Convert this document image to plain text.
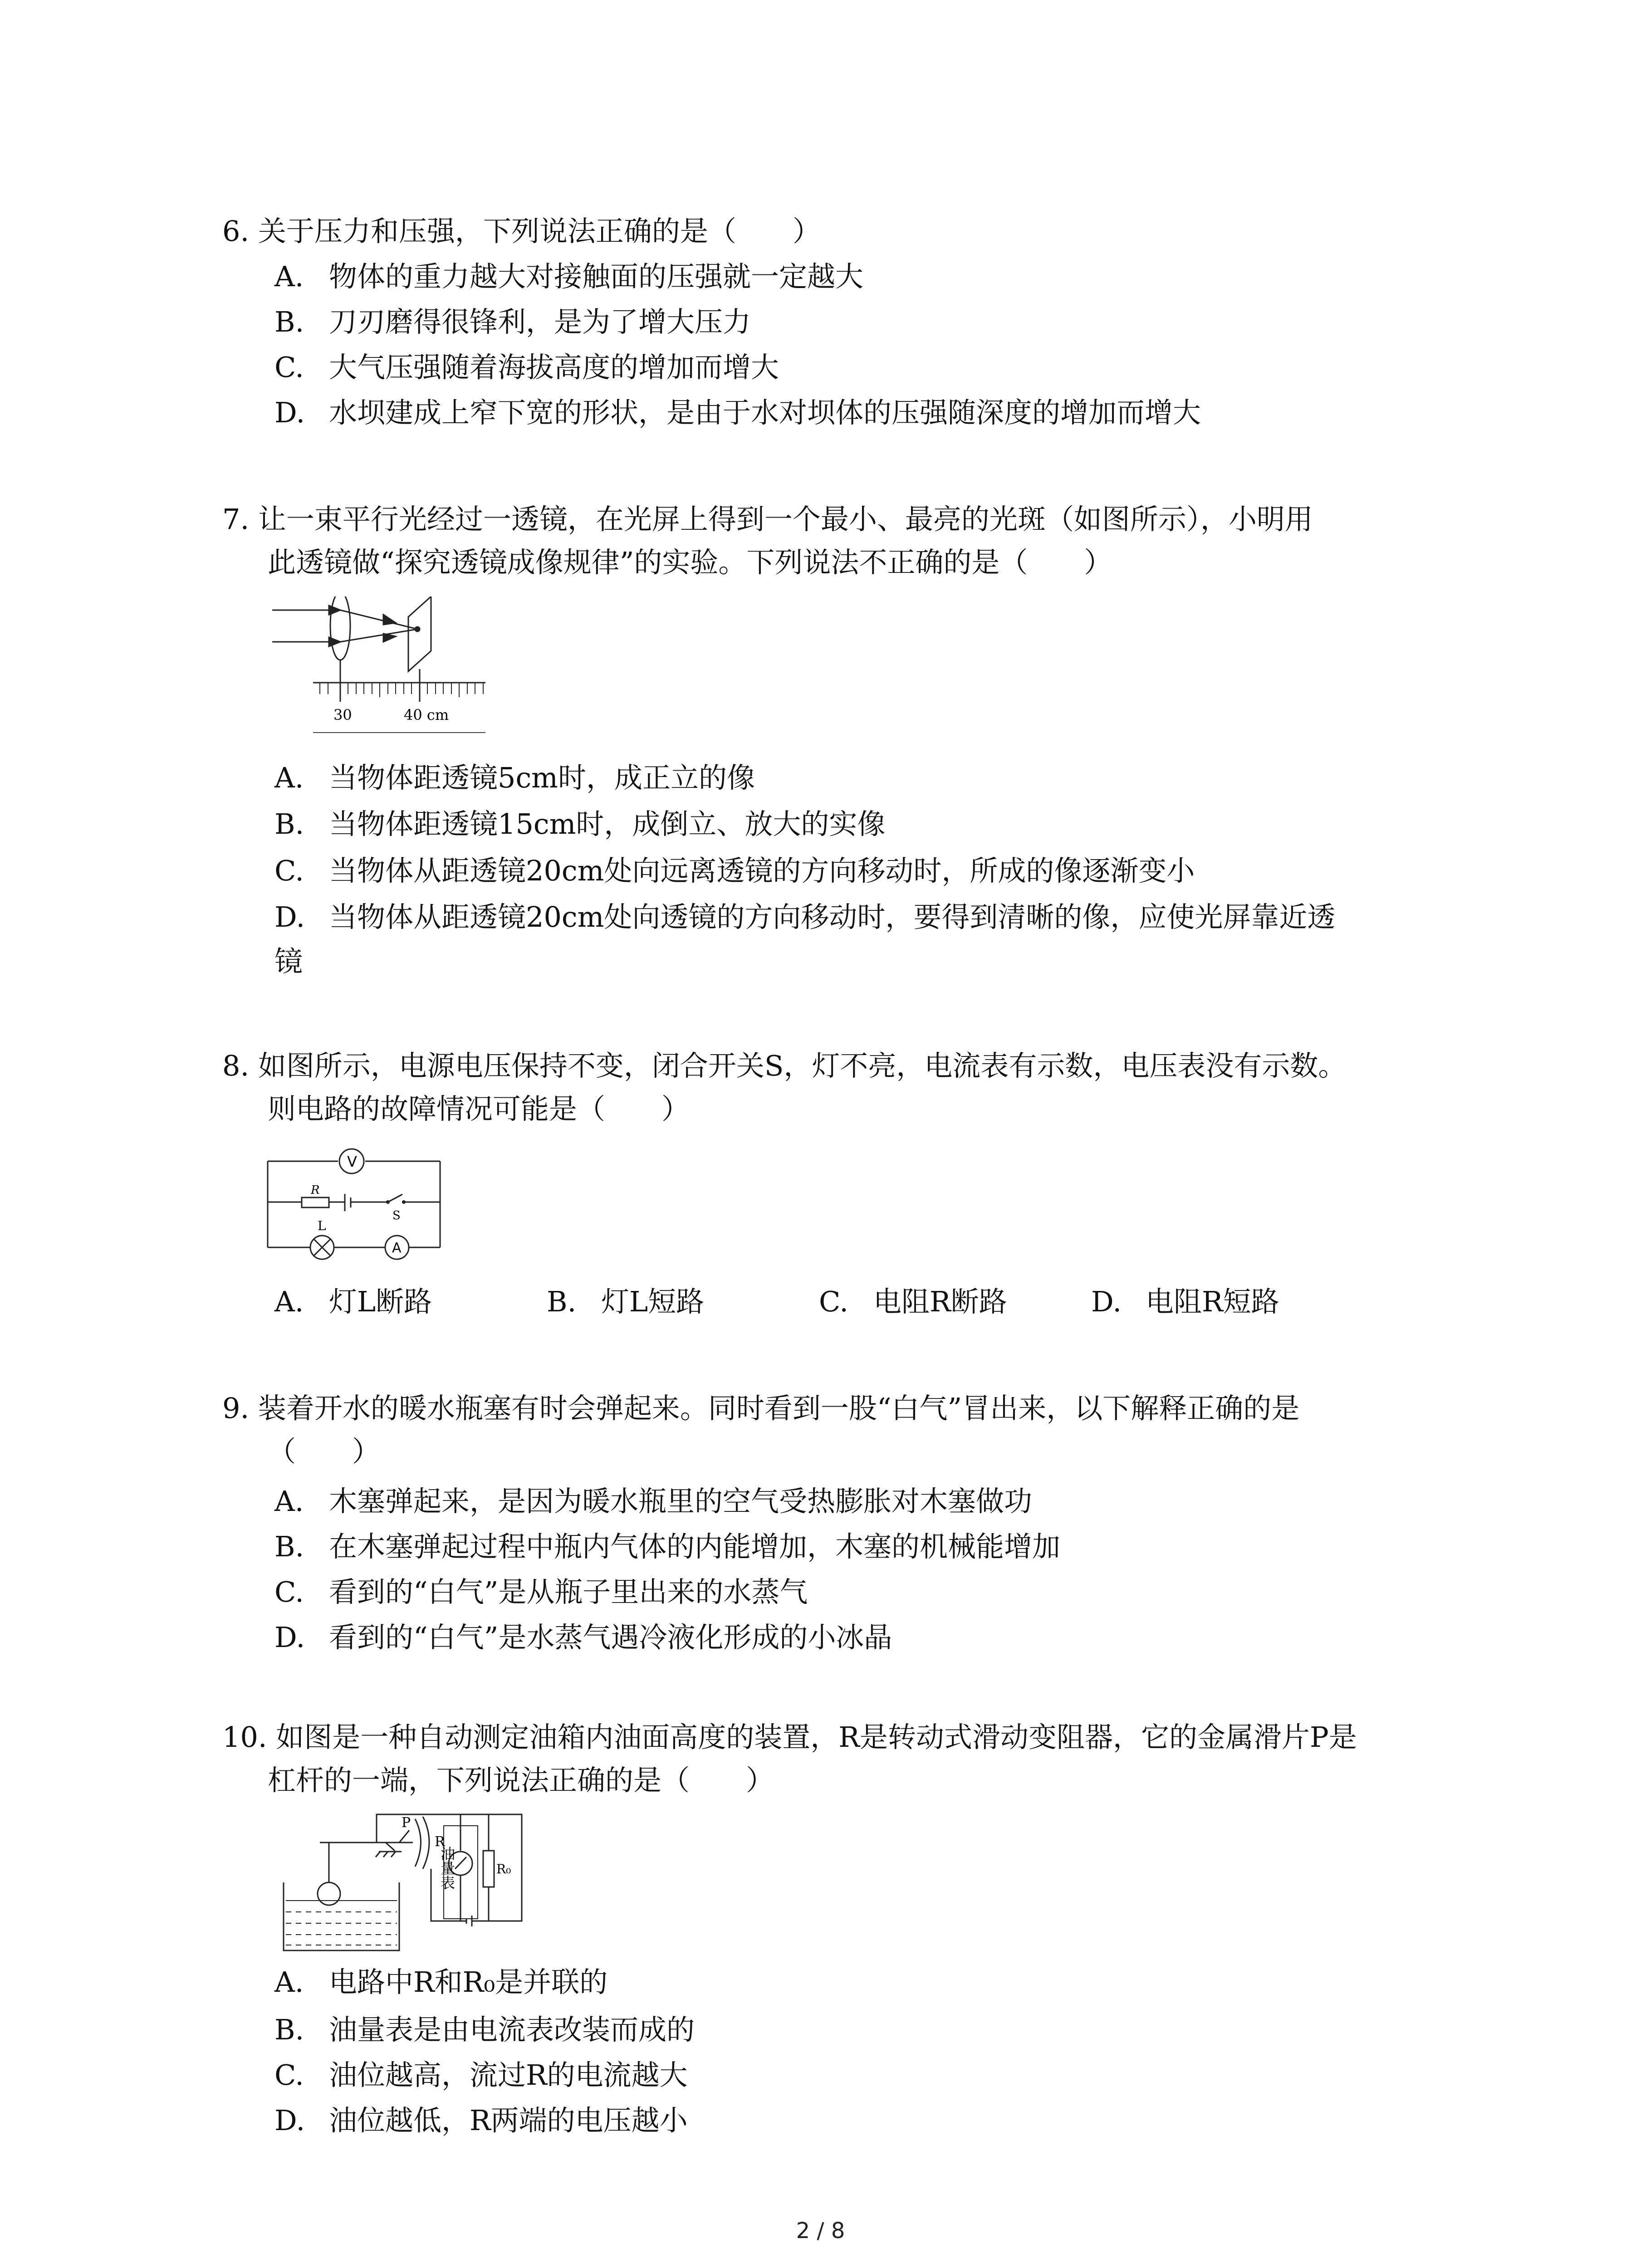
6. 关于压力和压强，下列说法正确的是（　　）
A. 物体的重力越大对接触面的压强就一定越大
B. 刀刃磨得很锋利，是为了增大压力
C. 大气压强随着海拔高度的增加而增大
D. 水坝建成上窄下宽的形状，是由于水对坝体的压强随深度的增加而增大
7. 让一束平行光经过一透镜，在光屏上得到一个最小、最亮的光斑（如图所示），小明用
此透镜做“探究透镜成像规律”的实验。下列说法不正确的是（　　）
30	40 cm
A. 当物体距透镜5cm时，成正立的像
B. 当物体距透镜15cm时，成倒立、放大的实像
C. 当物体从距透镜20cm处向远离透镜的方向移动时，所成的像逐渐变小
D. 当物体从距透镜20cm处向透镜的方向移动时，要得到清晰的像，应使光屏靠近透
镜
8. 如图所示，电源电压保持不变，闭合开关S，灯不亮，电流表有示数，电压表没有示数。
则电路的故障情况可能是（　　）
V
R
S
L
A
A. 灯L断路	B. 灯L短路	C. 电阻R断路	D. 电阻R短路
9. 装着开水的暖水瓶塞有时会弹起来。同时看到一股“白气”冒出来，以下解释正确的是
（　　）
A. 木塞弹起来，是因为暖水瓶里的空气受热膨胀对木塞做功
B. 在木塞弹起过程中瓶内气体的内能增加，木塞的机械能增加
C. 看到的“白气”是从瓶子里出来的水蒸气
D. 看到的“白气”是水蒸气遇冷液化形成的小冰晶
10. 如图是一种自动测定油箱内油面高度的装置，R是转动式滑动变阻器，它的金属滑片P是
杠杆的一端，下列说法正确的是（　　）
P
R
R₀
油量表
A. 电路中R和R₀是并联的
B. 油量表是由电流表改装而成的
C. 油位越高，流过R的电流越大
D. 油位越低，R两端的电压越小
2 / 8
